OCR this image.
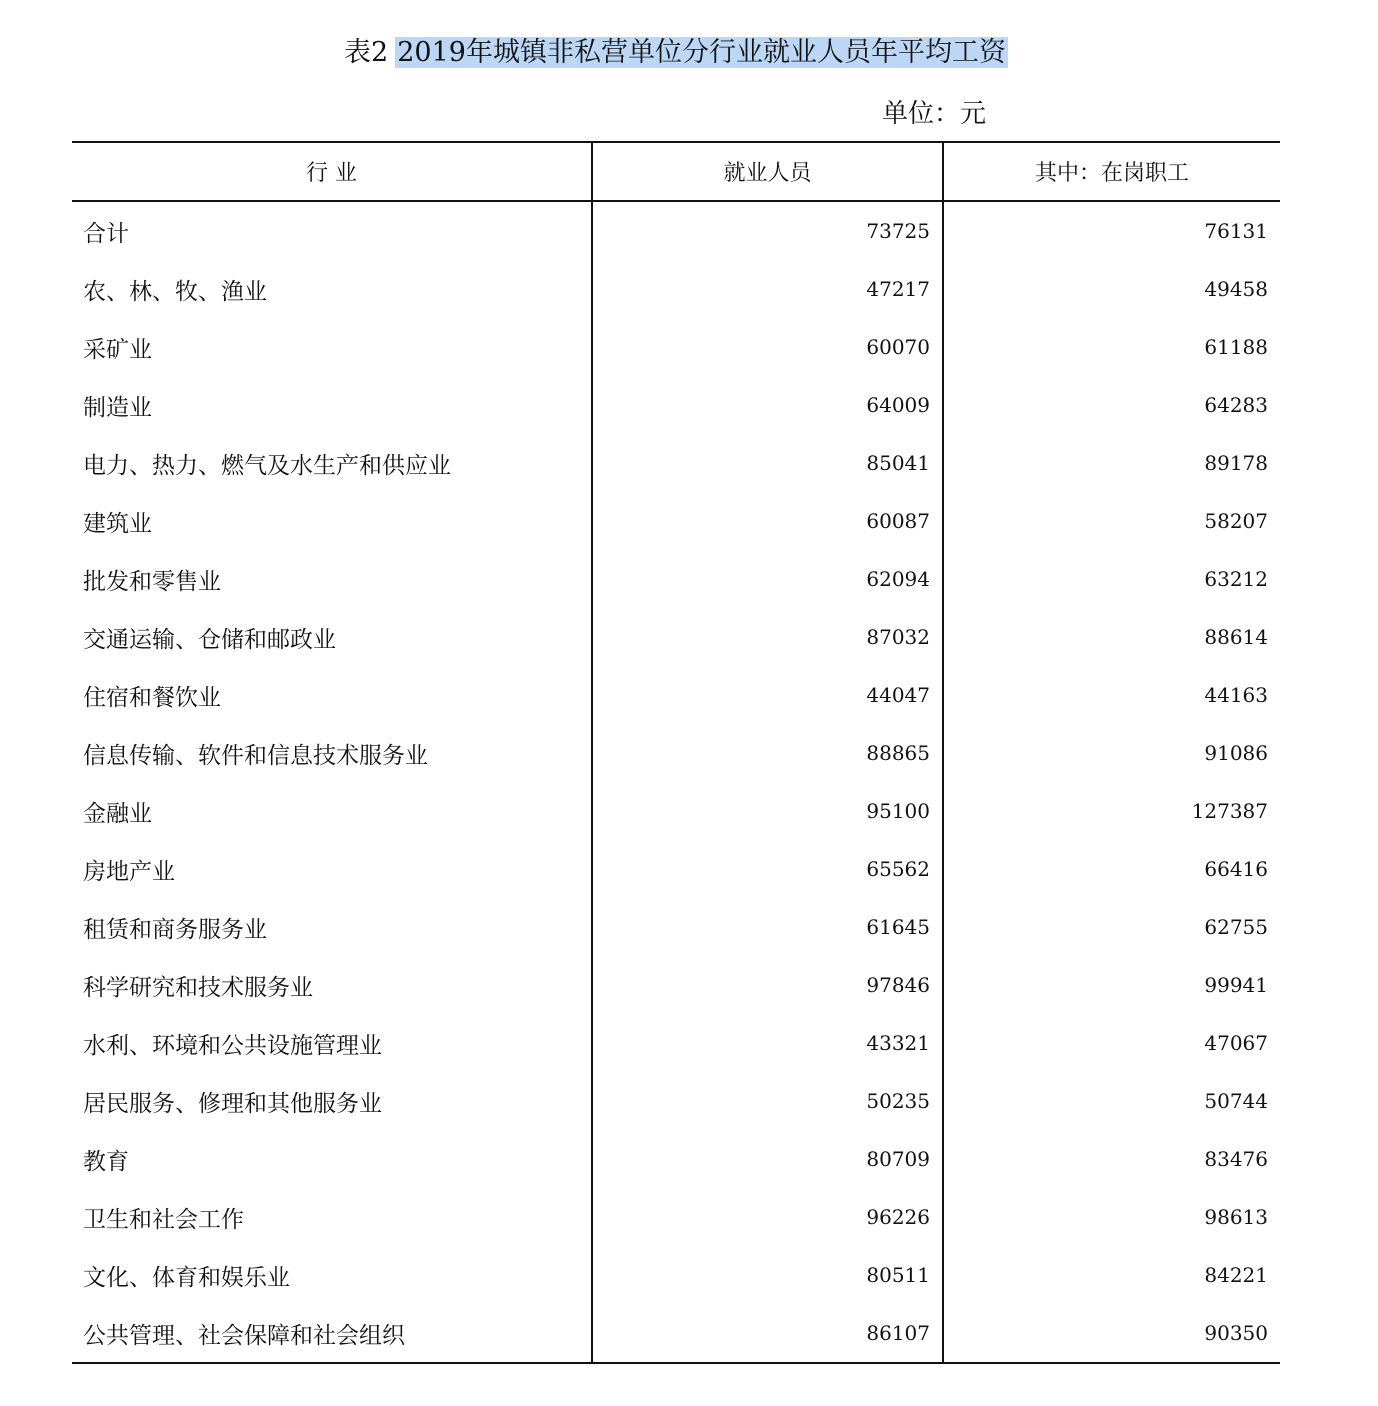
表2 2019年城镇非私营单位分行业就业人员年平均工资
单位：元
行 业	就业人员	其中：在岗职工
合计	73725	76131
农、林、牧、渔业	47217	49458
采矿业	60070	61188
制造业	64009	64283
电力、热力、燃气及水生产和供应业	85041	89178
建筑业	60087	58207
批发和零售业	62094	63212
交通运输、仓储和邮政业	87032	88614
住宿和餐饮业	44047	44163
信息传输、软件和信息技术服务业	88865	91086
金融业	95100	127387
房地产业	65562	66416
租赁和商务服务业	61645	62755
科学研究和技术服务业	97846	99941
水利、环境和公共设施管理业	43321	47067
居民服务、修理和其他服务业	50235	50744
教育	80709	83476
卫生和社会工作	96226	98613
文化、体育和娱乐业	80511	84221
公共管理、社会保障和社会组织	86107	90350
